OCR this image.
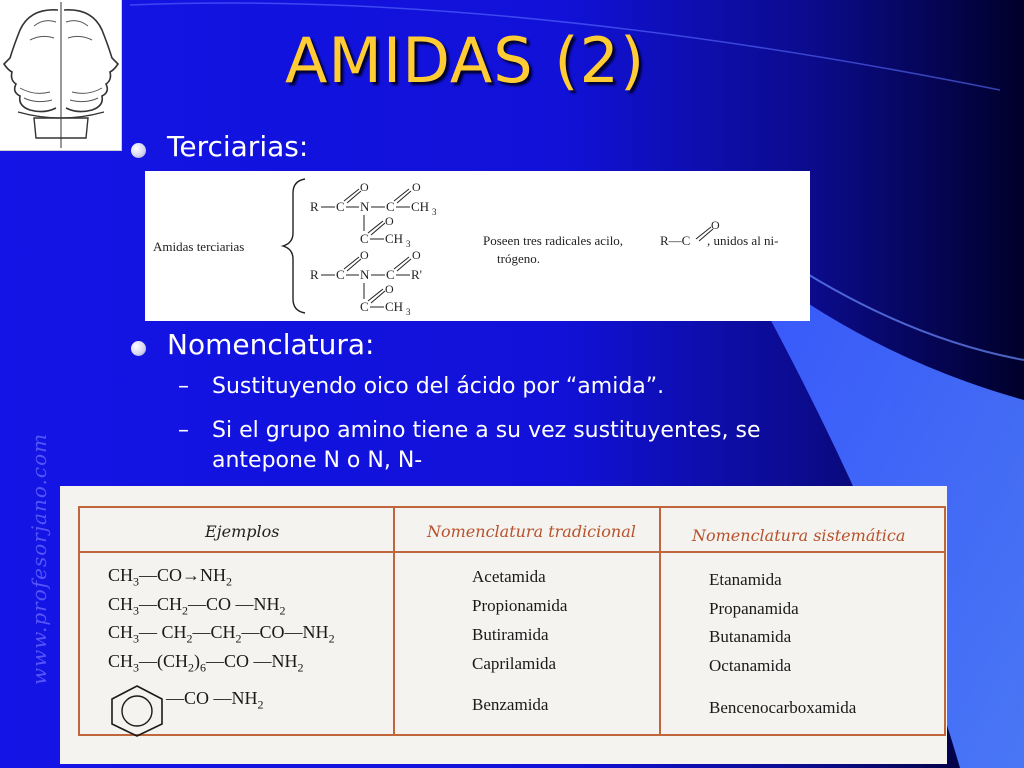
AMIDAS (2)
Terciarias:
Amidas terciarias
R C
O
N C
O
CH 3
C
O
CH 3
R C
O
N C
O
R'
C
O
CH 3
Poseen tres radicales acilo,	R—C
O
, unidos al ni-
trógeno.
Nomenclatura:
– Sustituyendo oico del ácido por “amida”.
– Si el grupo amino tiene a su vez sustituyentes, se
antepone N o N, N-
www.profesorjano.com	Ejemplos	Nomenclatura tradicional	Nomenclatura sistemática
$CH_3—CO\to NH_2$	Acetamida	Etanamida
$CH_3—CH_2—CO$ $—NH_2$	Propionamida	Propanamida
$CH_3—$ $CH_2—CH_2—CO—NH_2$	Butiramida	Butanamida
$CH_3—(CH_2)_6—CO$ $—NH_2$	Caprilamida	Octanamida
—CO $—NH_2$	Benzamida	Bencenocarboxamida
